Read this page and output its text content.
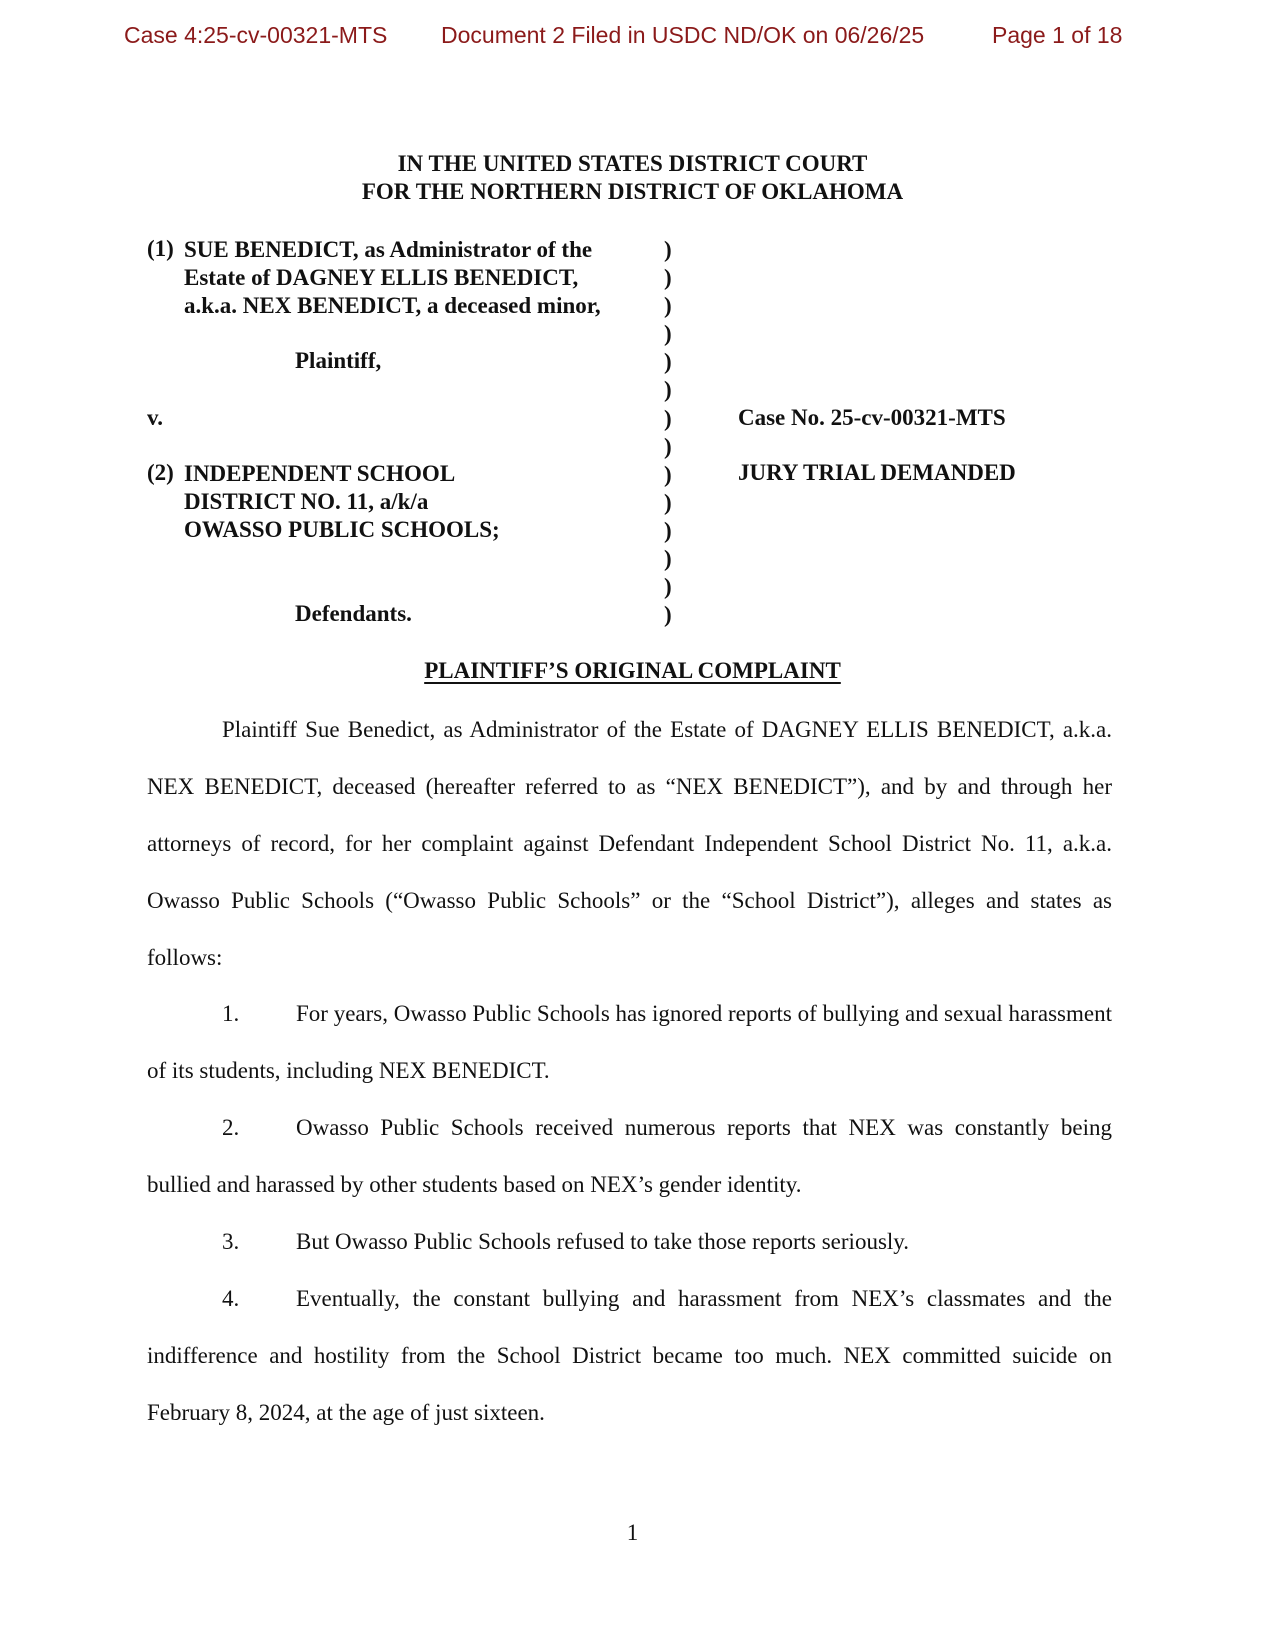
Case 4:25-cv-00321-MTS Document 2 Filed in USDC ND/OK on 06/26/25	Page 1 of 18
IN THE UNITED STATES DISTRICT COURT
FOR THE NORTHERN DISTRICT OF OKLAHOMA
(1) SUE BENEDICT, as Administrator of the
Estate of DAGNEY ELLIS BENEDICT,
a.k.a. NEX BENEDICT, a deceased minor,
Plaintiff,
v.
(2) INDEPENDENT SCHOOL
DISTRICT NO. 11, a/k/a
OWASSO PUBLIC SCHOOLS;
Defendants.
)
)
)
)
)
)
)
)
)
)
)
)
)
)
Case No. 25-cv-00321-MTS
JURY TRIAL DEMANDED
PLAINTIFF’S ORIGINAL COMPLAINT
Plaintiff Sue Benedict, as Administrator of the Estate of DAGNEY ELLIS BENEDICT, a.k.a. NEX BENEDICT, deceased (hereafter referred to as “NEX BENEDICT”), and by and through her attorneys of record, for her complaint against Defendant Independent School District No. 11, a.k.a. Owasso Public Schools (“Owasso Public Schools” or the “School District”), alleges and states as follows:
1. For years, Owasso Public Schools has ignored reports of bullying and sexual harassment of its students, including NEX BENEDICT.
2. Owasso Public Schools received numerous reports that NEX was constantly being bullied and harassed by other students based on NEX’s gender identity.
3. But Owasso Public Schools refused to take those reports seriously.
4. Eventually, the constant bullying and harassment from NEX’s classmates and the indifference and hostility from the School District became too much. NEX committed suicide on February 8, 2024, at the age of just sixteen.
1
